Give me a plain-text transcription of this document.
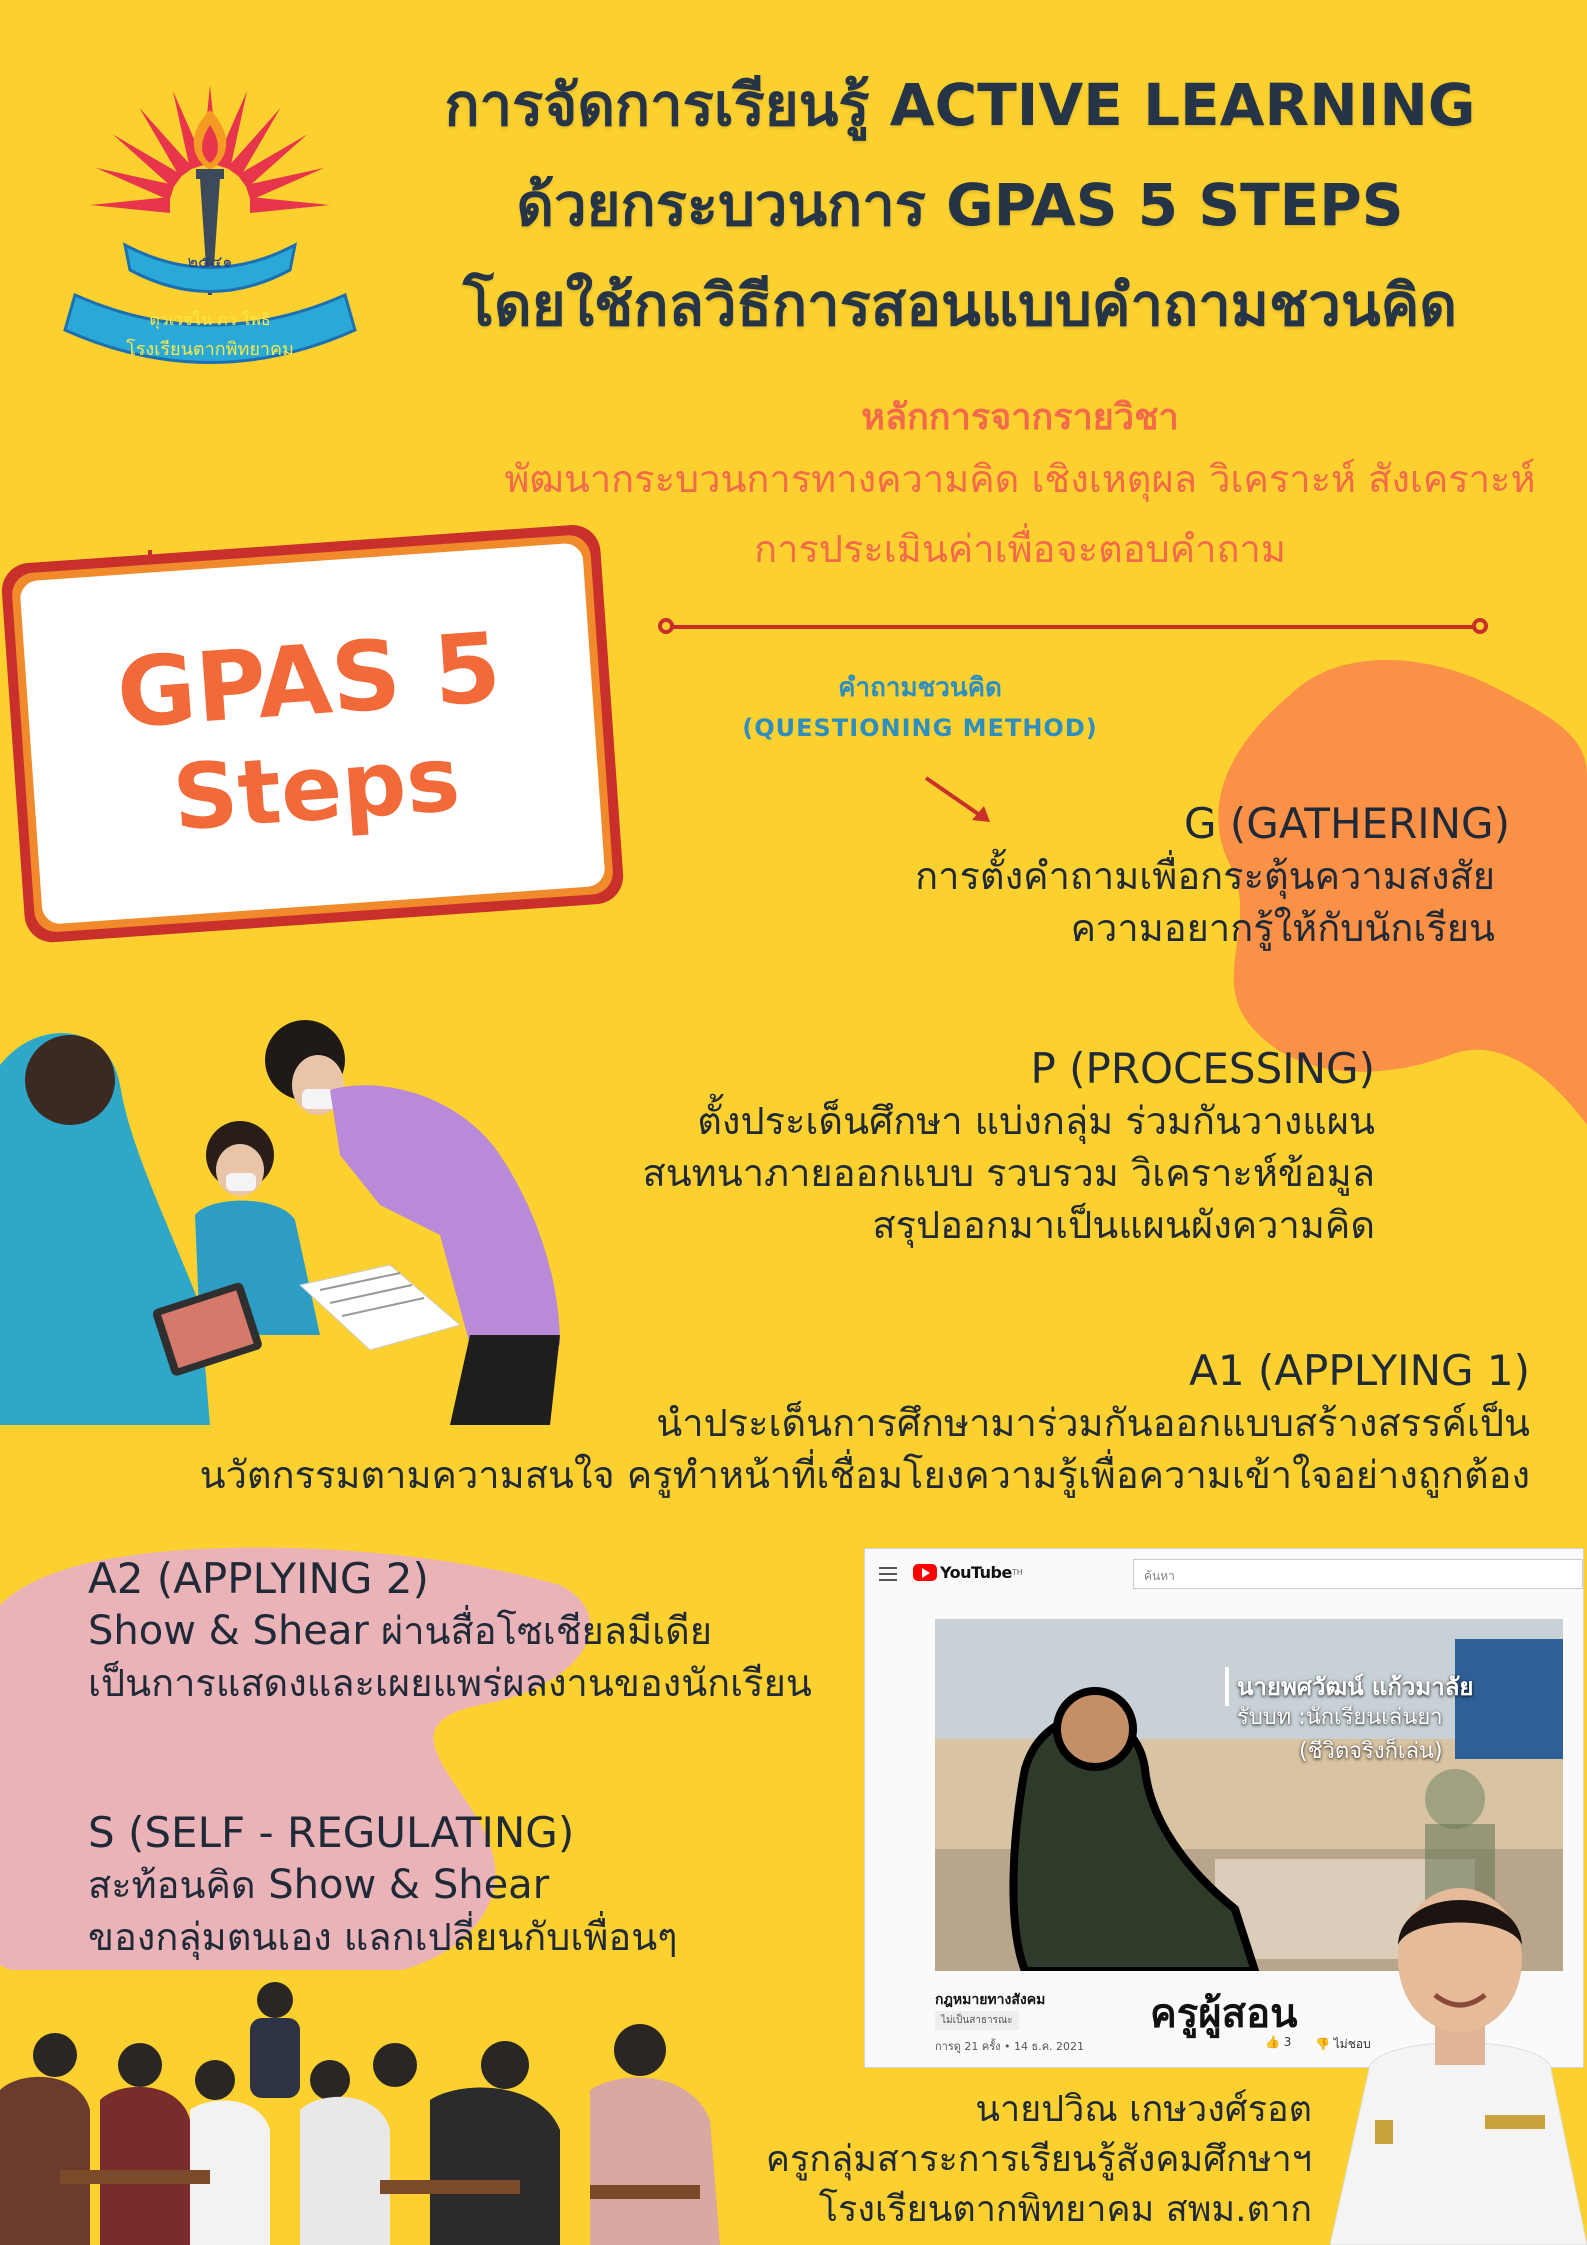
๒๕๔๑
ตุวเวจโน ภว โพธิ
โรงเรียนตากพิทยาคม
การจัดการเรียนรู้ ACTIVE LEARNING
ด้วยกระบวนการ GPAS 5 STEPS
โดยใช้กลวิธีการสอนแบบคำถามชวนคิด
หลักการจากรายวิชา
พัฒนากระบวนการทางความคิด เชิงเหตุผล วิเคราะห์ สังเคราะห์
การประเมินค่าเพื่อจะตอบคำถาม
GPAS 5
Steps
คำถามชวนคิด
(QUESTIONING METHOD)
G (GATHERING)
การตั้งคำถามเพื่อกระตุ้นความสงสัย
ความอยากรู้ให้กับนักเรียน
P (PROCESSING)
ตั้งประเด็นศึกษา แบ่งกลุ่ม ร่วมกันวางแผน
สนทนาภายออกแบบ รวบรวม วิเคราะห์ข้อมูล
สรุปออกมาเป็นแผนผังความคิด
A1 (APPLYING 1)
นำประเด็นการศึกษามาร่วมกันออกแบบสร้างสรรค์เป็น
นวัตกรรมตามความสนใจ ครูทำหน้าที่เชื่อมโยงความรู้เพื่อความเข้าใจอย่างถูกต้อง
A2 (APPLYING 2)
Show & Shear ผ่านสื่อโซเชียลมีเดีย
เป็นการแสดงและเผยแพร่ผลงานของนักเรียน
S (SELF - REGULATING)
สะท้อนคิด Show & Shear
ของกลุ่มตนเอง แลกเปลี่ยนกับเพื่อนๆ
YouTube TH	ค้นหา
นายพศวัฒน์ แก้วมาลัย
รับบท :นักเรียนเล่นยา
(ชีวิตจริงก็เล่น)
กฎหมายทางสังคม
ไม่เป็นสาธารณะ
การดู 21 ครั้ง • 14 ธ.ค. 2021
ครูผู้สอน
👍 3 👎 ไม่ชอบ
นายปวิณ เกษวงศ์รอต
ครูกลุ่มสาระการเรียนรู้สังคมศึกษาฯ
โรงเรียนตากพิทยาคม สพม.ตาก
